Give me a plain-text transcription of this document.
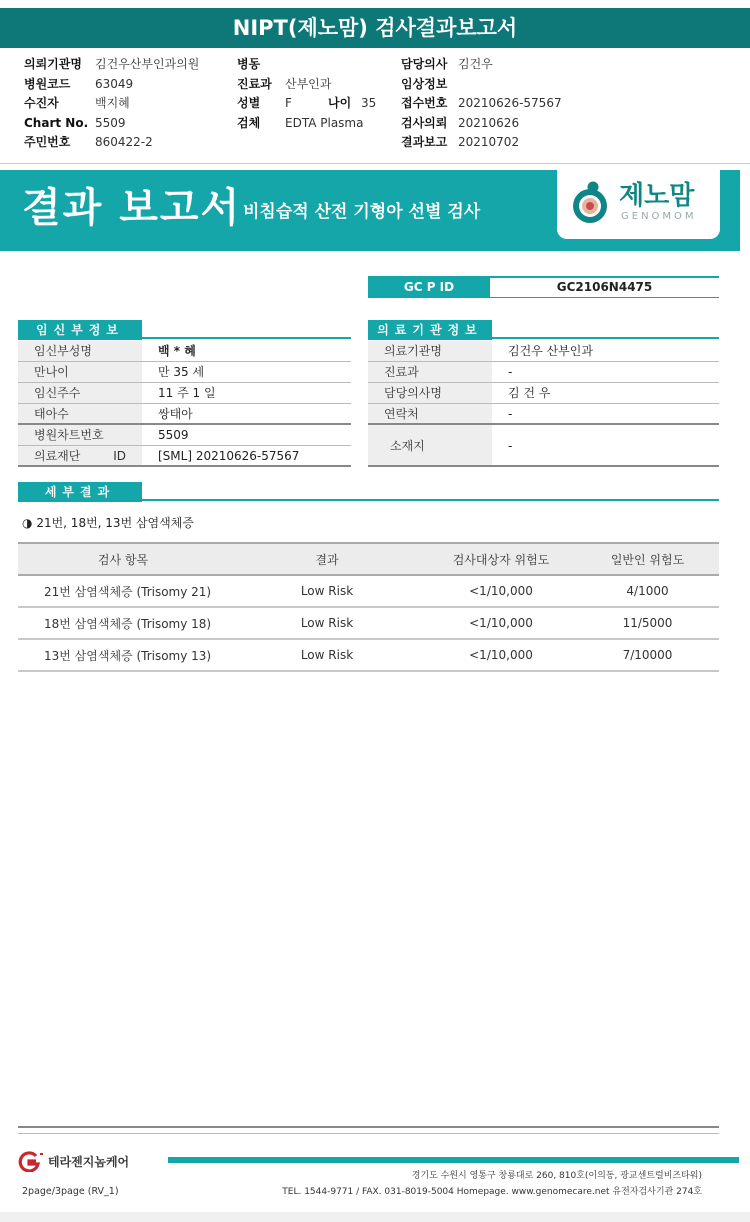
NIPT(제노맘) 검사결과보고서
의뢰기관명 김건우산부인과의원
병원코드 63049
수진자	백지혜
Chart No. 5509
주민번호 860422-2
병동
진료과 산부인과
성별 F	나이 35
검체 EDTA Plasma
담당의사 김건우
임상정보
접수번호 20210626-57567
검사의뢰 20210626
결과보고 20210702
결과 보고서 비침습적 산전 기형아 선별 검사
제노맘
GENOMOM
GC P ID	GC2106N4475
임신부정보
임신부성명	백 * 혜
만나이	만 35 세
임신주수	11 주 1 일
태아수	쌍태아
병원차트번호	5509
의료재단 ID	[SML] 20210626-57567
의료기관정보
의료기관명	김건우 산부인과
진료과	-
담당의사명	김 건 우
연락처	-
소재지	-
세부결과
◑ 21번, 18번, 13번 삼염색체증
검사 항목	결과	검사대상자 위험도	일반인 위험도
21번 삼염색체증 (Trisomy 21)	Low Risk	<1/10,000	4/1000
18번 삼염색체증 (Trisomy 18)	Low Risk	<1/10,000	11/5000
13번 삼염색체증 (Trisomy 13)	Low Risk	<1/10,000	7/10000
테라젠지놈케어
경기도 수원시 영통구 창룡대로 260, 810호(이의동, 광교센트럴비즈타워)
TEL. 1544-9771 / FAX. 031-8019-5004 Homepage. www.genomecare.net 유전자검사기관 274호
2page/3page (RV_1)
